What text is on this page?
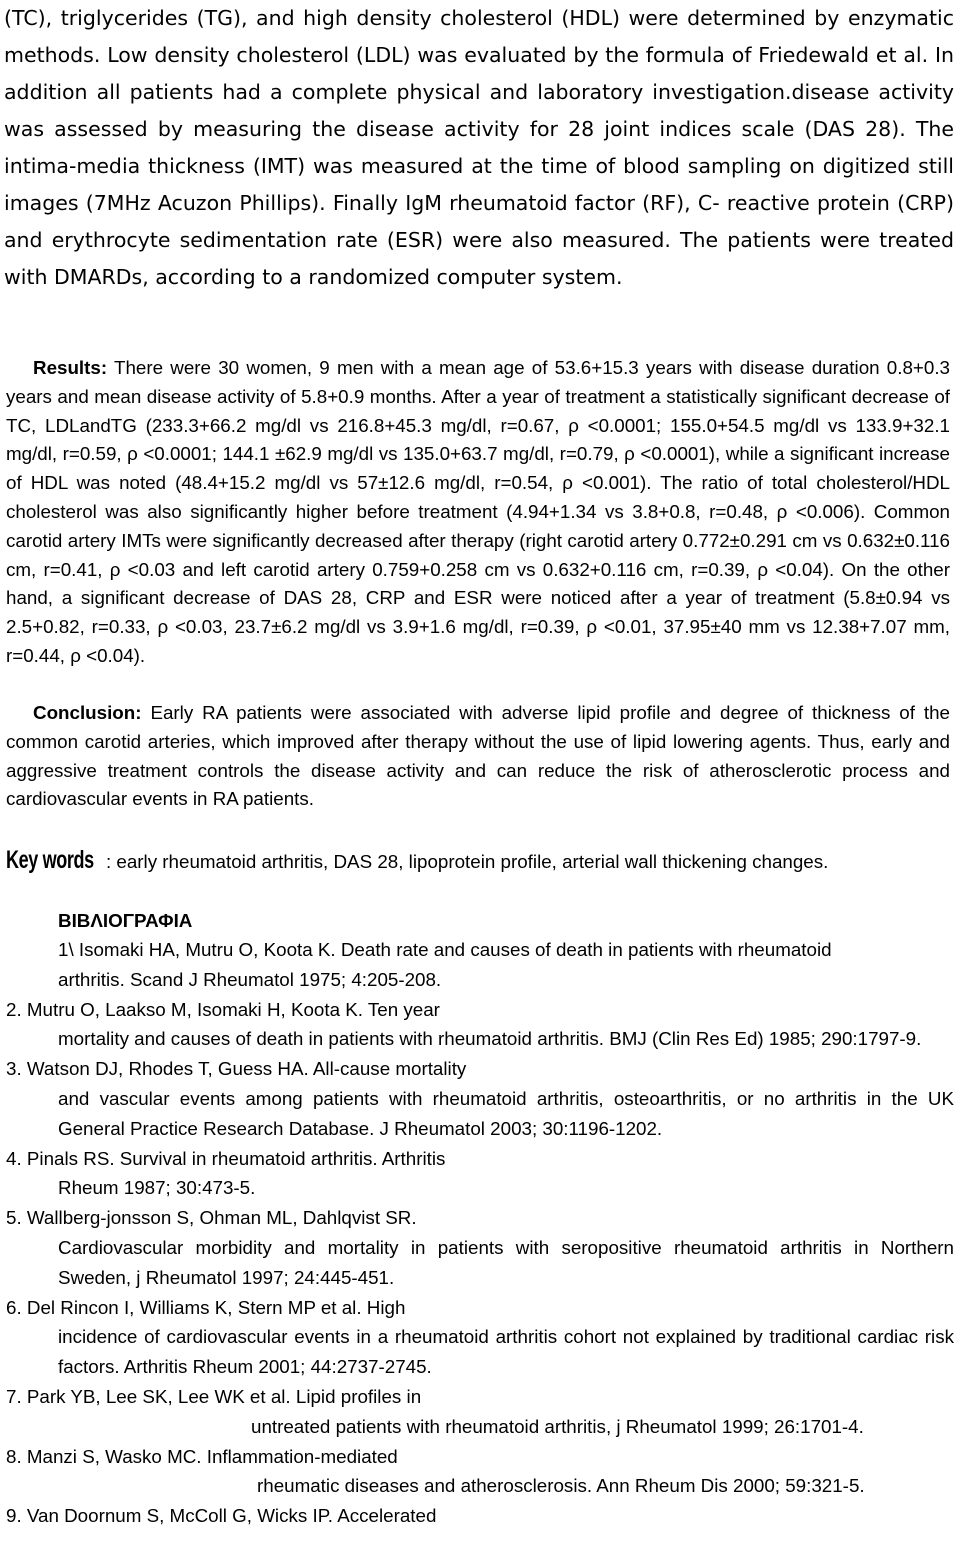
(TC), triglycerides (TG), and high density cholesterol (HDL) were determined by enzymatic methods. Low density cholesterol (LDL) was evaluated by the formula of Friedewald et al. In addition all patients had a complete physical and laboratory investigation.disease activity was assessed by measuring the disease activity for 28 joint indices scale (DAS 28). The intima-media thickness (IMT) was measured at the time of blood sampling on digitized still images (7MHz Acuzon Phillips). Finally IgM rheumatoid factor (RF), C- reactive protein (CRP) and erythrocyte sedimentation rate (ESR) were also measured. The patients were treated with DMARDs, according to a randomized computer system.

Results: There were 30 women, 9 men with a mean age of 53.6+15.3 years with disease duration 0.8+0.3 years and mean disease activity of 5.8+0.9 months. After a year of treatment a statistically significant decrease of TC, LDLandTG (233.3+66.2 mg/dl vs 216.8+45.3 mg/dl, r=0.67, ρ <0.0001; 155.0+54.5 mg/dl vs 133.9+32.1 mg/dl, r=0.59, ρ <0.0001; 144.1 ±62.9 mg/dl vs 135.0+63.7 mg/dl, r=0.79, ρ <0.0001), while a significant increase of HDL was noted (48.4+15.2 mg/dl vs 57±12.6 mg/dl, r=0.54, ρ <0.001). The ratio of total cholesterol/HDL cholesterol was also significantly higher before treatment (4.94+1.34 vs 3.8+0.8, r=0.48, ρ <0.006). Common carotid artery IMTs were significantly decreased after therapy (right carotid artery 0.772±0.291 cm vs 0.632±0.116 cm, r=0.41, ρ <0.03 and left carotid artery 0.759+0.258 cm vs 0.632+0.116 cm, r=0.39, ρ <0.04). On the other hand, a significant decrease of DAS 28, CRP and ESR were noticed after a year of treatment (5.8±0.94 vs 2.5+0.82, r=0.33, ρ <0.03, 23.7±6.2 mg/dl vs 3.9+1.6 mg/dl, r=0.39, ρ <0.01, 37.95±40 mm vs 12.38+7.07 mm, r=0.44, ρ <0.04).

Conclusion: Early RA patients were associated with adverse lipid profile and degree of thickness of the common carotid arteries, which improved after therapy without the use of lipid lowering agents. Thus, early and aggressive treatment controls the disease activity and can reduce the risk of atherosclerotic process and cardiovascular events in RA patients.

Key words : early rheumatoid arthritis, DAS 28, lipoprotein profile, arterial wall thickening changes.

ΒΙΒΛΙΟΓΡΑΦΙΑ

1\ Isomaki HA, Mutru O, Koota K. Death rate and causes of death in patients with rheumatoid
arthritis. Scand J Rheumatol 1975; 4:205-208.
2. Mutru O, Laakso M, Isomaki H, Koota K. Ten year
mortality and causes of death in patients with rheumatoid arthritis. BMJ (Clin Res Ed) 1985; 290:1797-9.
3. Watson DJ, Rhodes T, Guess HA. All-cause mortality
and vascular events among patients with rheumatoid arthritis, osteoarthritis, or no arthritis in the UK General Practice Research Database. J Rheumatol 2003; 30:1196-1202.
4. Pinals RS. Survival in rheumatoid arthritis. Arthritis
Rheum 1987; 30:473-5.
5. Wallberg-jonsson S, Ohman ML, Dahlqvist SR.
Cardiovascular morbidity and mortality in patients with seropositive rheumatoid arthritis in Northern Sweden, j Rheumatol 1997; 24:445-451.
6. Del Rincon I, Williams K, Stern MP et al. High
incidence of cardiovascular events in a rheumatoid arthritis cohort not explained by traditional cardiac risk factors. Arthritis Rheum 2001; 44:2737-2745.
7. Park YB, Lee SK, Lee WK et al. Lipid profiles in
untreated patients with rheumatoid arthritis, j Rheumatol 1999; 26:1701-4.
8. Manzi S, Wasko MC. Inflammation-mediated
rheumatic diseases and atherosclerosis. Ann Rheum Dis 2000; 59:321-5.
9. Van Doornum S, McColl G, Wicks IP. Accelerated
